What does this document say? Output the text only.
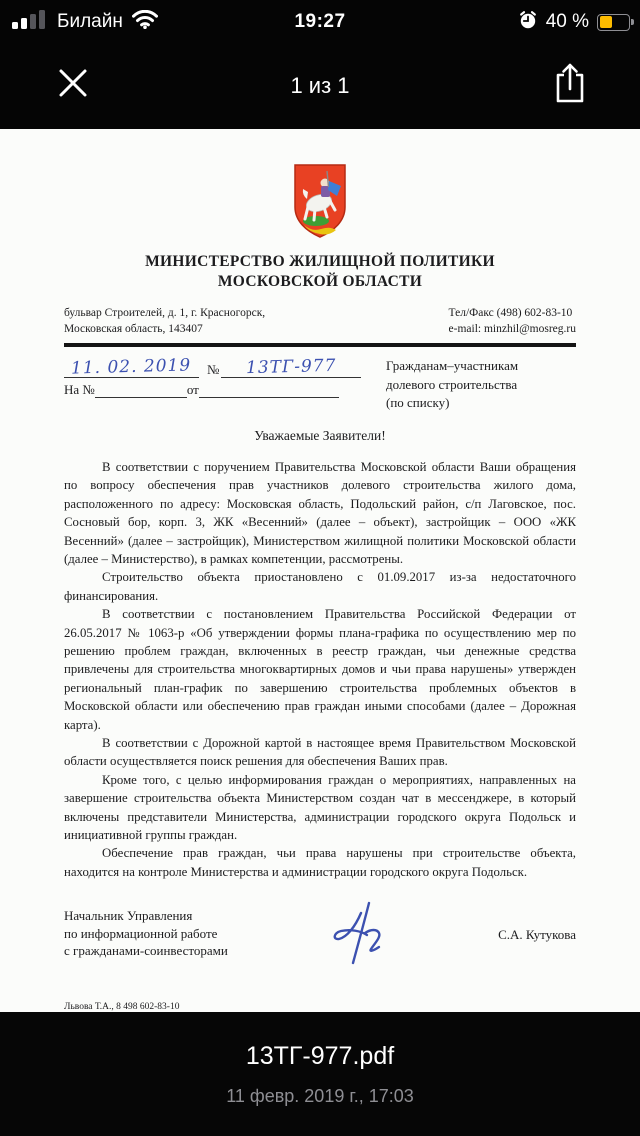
Билайн	19:27	40 %
1 из 1
МИНИСТЕРСТВО ЖИЛИЩНОЙ ПОЛИТИКИ
МОСКОВСКОЙ ОБЛАСТИ
бульвар Строителей, д. 1, г. Красногорск,
Московская область, 143407
Тел/Факс (498) 602-83-10
e-mail: minzhil@mosreg.ru
11. 02. 2019	№	13ТГ-977
На №	от
Гражданам–участникам
долевого строительства
(по списку)
Уважаемые Заявители!

В соответствии с поручением Правительства Московской области Ваши обращения по вопросу обеспечения прав участников долевого строительства жилого дома, расположенного по адресу: Московская область, Подольский район, с/п Лаговское, пос. Сосновый бор, корп. 3, ЖК «Весенний» (далее – объект), застройщик – ООО «ЖК Весенний» (далее – застройщик), Министерством жилищной политики Московской области (далее – Министерство), в рамках компетенции, рассмотрены.

Строительство объекта приостановлено с 01.09.2017 из-за недостаточного финансирования.

В соответствии с постановлением Правительства Российской Федерации от 26.05.2017 № 1063-р «Об утверждении формы плана-графика по осуществлению мер по решению проблем граждан, включенных в реестр граждан, чьи денежные средства привлечены для строительства многоквартирных домов и чьи права нарушены» утвержден региональный план-график по завершению строительства проблемных объектов в Московской области или обеспечению прав граждан иными способами (далее – Дорожная карта).

В соответствии с Дорожной картой в настоящее время Правительством Московской области осуществляется поиск решения для обеспечения Ваших прав.

Кроме того, с целью информирования граждан о мероприятиях, направленных на завершение строительства объекта Министерством создан чат в мессенджере, в который включены представители Министерства, администрации городского округа Подольск и инициативной группы граждан.

Обеспечение прав граждан, чьи права нарушены при строительстве объекта, находится на контроле Министерства и администрации городского округа Подольск.

Начальник Управления
по информационной работе
с гражданами-соинвесторами
С.А. Кутукова
Львова Т.А., 8 498 602-83-10
13ТГ-977.pdf
11 февр. 2019 г., 17:03
